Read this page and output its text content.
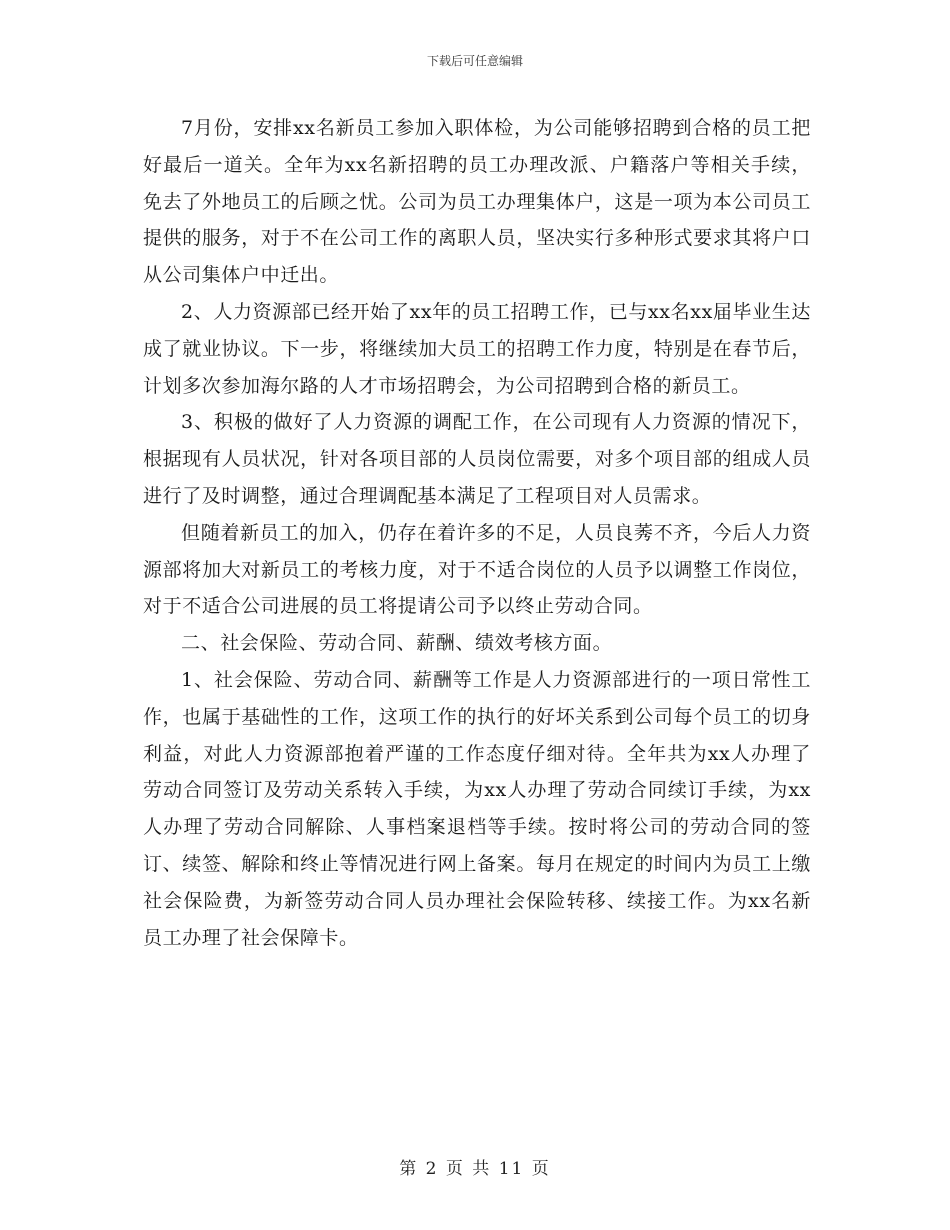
下载后可任意编辑

7月份，安排xx名新员工参加入职体检，为公司能够招聘到合格的员工把好最后一道关。全年为xx名新招聘的员工办理改派、户籍落户等相关手续，免去了外地员工的后顾之忧。公司为员工办理集体户，这是一项为本公司员工提供的服务，对于不在公司工作的离职人员，坚决实行多种形式要求其将户口从公司集体户中迁出。

2、人力资源部已经开始了xx年的员工招聘工作，已与xx名xx届毕业生达成了就业协议。下一步，将继续加大员工的招聘工作力度，特别是在春节后，计划多次参加海尔路的人才市场招聘会，为公司招聘到合格的新员工。

3、积极的做好了人力资源的调配工作，在公司现有人力资源的情况下，根据现有人员状况，针对各项目部的人员岗位需要，对多个项目部的组成人员进行了及时调整，通过合理调配基本满足了工程项目对人员需求。

但随着新员工的加入，仍存在着许多的不足，人员良莠不齐，今后人力资源部将加大对新员工的考核力度，对于不适合岗位的人员予以调整工作岗位，对于不适合公司进展的员工将提请公司予以终止劳动合同。

二、社会保险、劳动合同、薪酬、绩效考核方面。

1、社会保险、劳动合同、薪酬等工作是人力资源部进行的一项日常性工作，也属于基础性的工作，这项工作的执行的好坏关系到公司每个员工的切身利益，对此人力资源部抱着严谨的工作态度仔细对待。全年共为xx人办理了劳动合同签订及劳动关系转入手续，为xx人办理了劳动合同续订手续，为xx人办理了劳动合同解除、人事档案退档等手续。按时将公司的劳动合同的签订、续签、解除和终止等情况进行网上备案。每月在规定的时间内为员工上缴社会保险费，为新签劳动合同人员办理社会保险转移、续接工作。为xx名新员工办理了社会保障卡。

第 2 页 共 11 页
